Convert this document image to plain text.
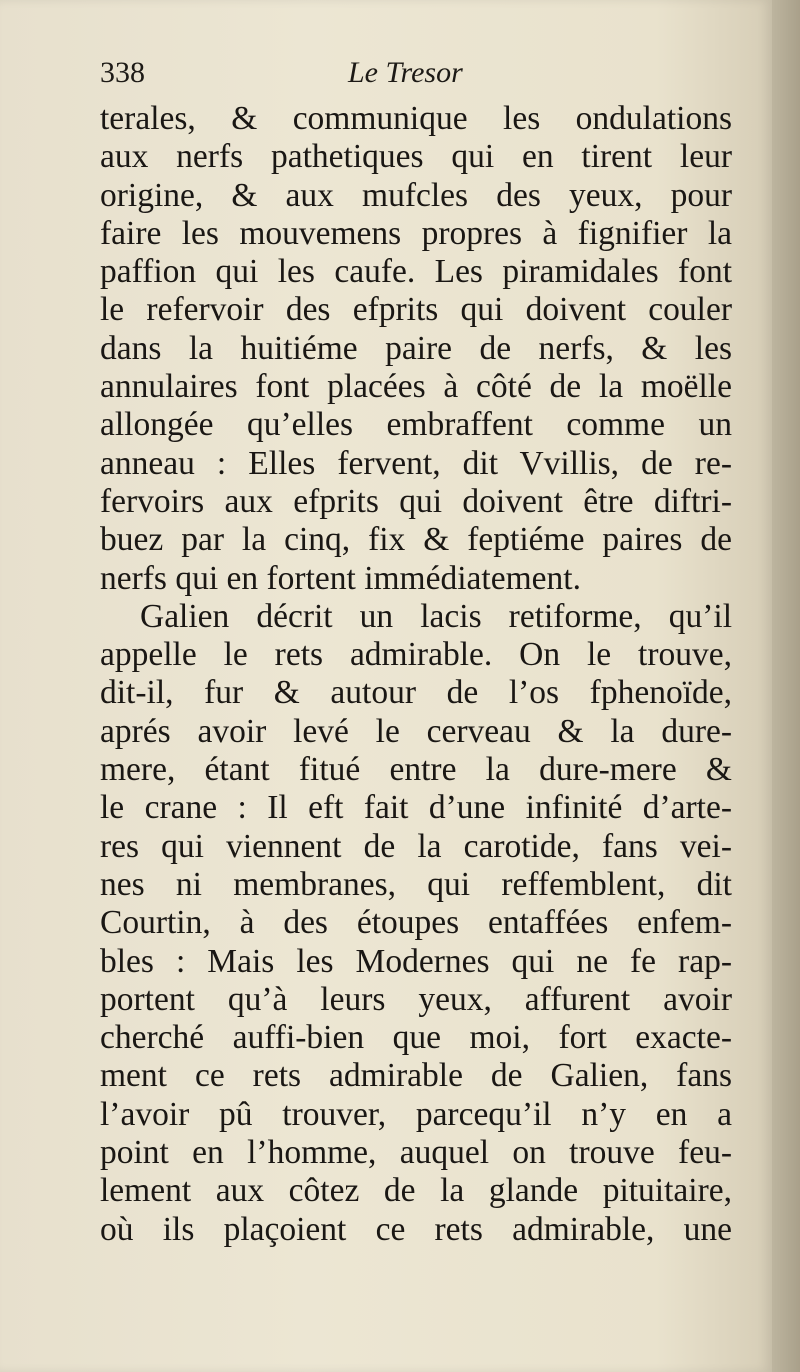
338	Le Tresor
terales, & communique les ondulations
aux nerfs pathetiques qui en tirent leur
origine, & aux mufcles des yeux, pour
faire les mouvemens propres à fignifier la
paffion qui les caufe. Les piramidales font
le refervoir des efprits qui doivent couler
dans la huitiéme paire de nerfs, & les
annulaires font placées à côté de la moëlle
allongée qu’elles embraffent comme un
anneau : Elles fervent, dit Vvillis, de re-
fervoirs aux efprits qui doivent être diftri-
buez par la cinq, fix & feptiéme paires de
nerfs qui en fortent immédiatement.
Galien décrit un lacis retiforme, qu’il
appelle le rets admirable. On le trouve,
dit-il, fur & autour de l’os fphenoïde,
aprés avoir levé le cerveau & la dure-
mere, étant fitué entre la dure-mere &
le crane : Il eft fait d’une infinité d’arte-
res qui viennent de la carotide, fans vei-
nes ni membranes, qui reffemblent, dit
Courtin, à des étoupes entaffées enfem-
bles : Mais les Modernes qui ne fe rap-
portent qu’à leurs yeux, affurent avoir
cherché auffi-bien que moi, fort exacte-
ment ce rets admirable de Galien, fans
l’avoir pû trouver, parcequ’il n’y en a
point en l’homme, auquel on trouve feu-
lement aux côtez de la glande pituitaire,
où ils plaçoient ce rets admirable, une
